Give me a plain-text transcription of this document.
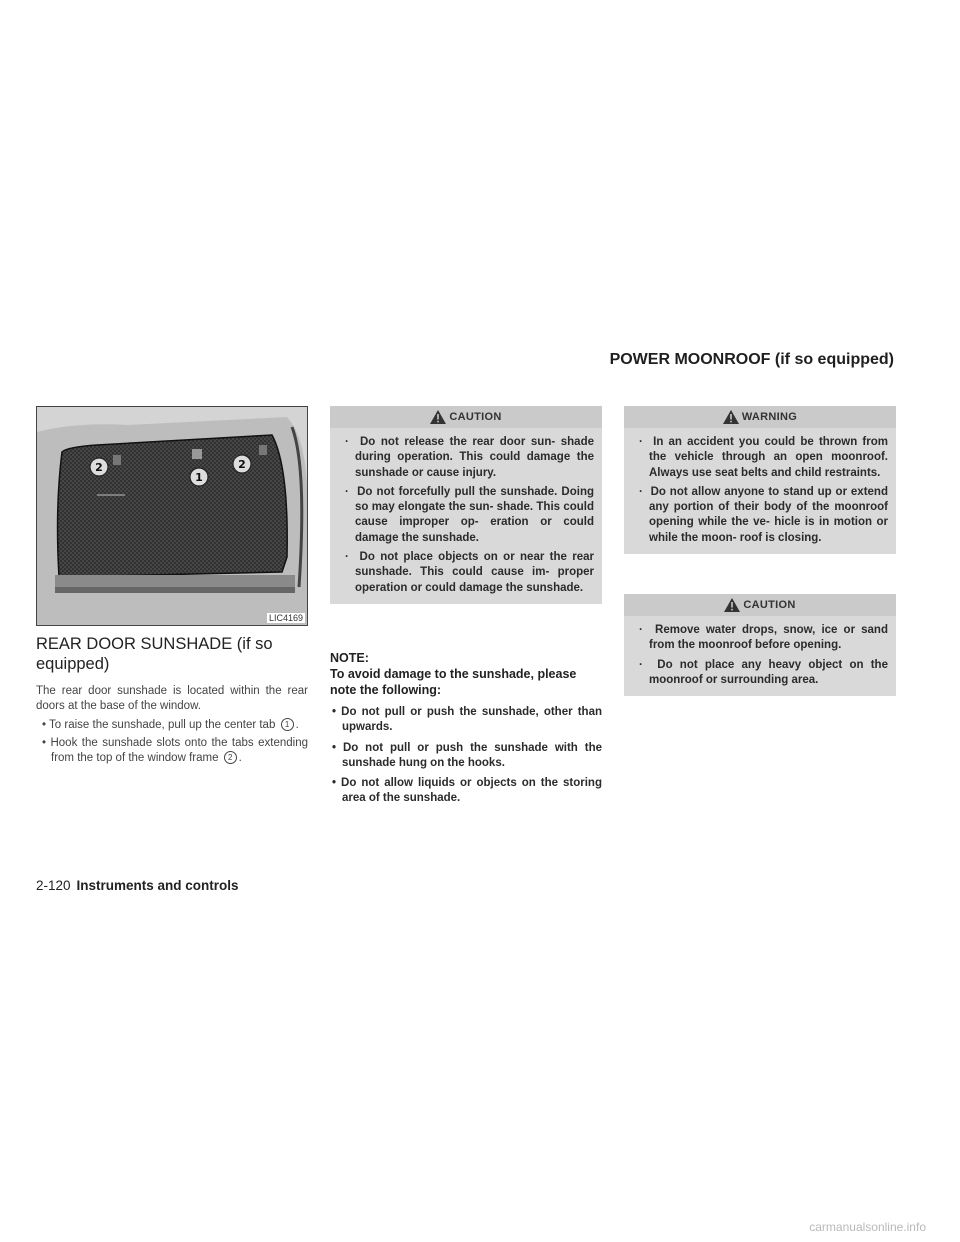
POWER MOONROOF (if so equipped)
2
1
2
LIC4169
REAR DOOR SUNSHADE (if so
equipped)

The rear door sunshade is located within the rear doors at the base of the window.

• To raise the sunshade, pull up the center tab 1 .
• Hook the sunshade slots onto the tabs extending from the top of the window frame 2 .
CAUTION
·  Do not release the rear door sun- shade during operation. This could damage the sunshade or cause injury.
·  Do not forcefully pull the sunshade. Doing so may elongate the sun- shade. This could cause improper op- eration or could damage the sunshade.
·  Do not place objects on or near the rear sunshade. This could cause im- proper operation or could damage the sunshade.

NOTE:
To avoid damage to the sunshade, please note the following:

• Do not pull or push the sunshade, other than upwards.
• Do not pull or push the sunshade with the sunshade hung on the hooks.
• Do not allow liquids or objects on the storing area of the sunshade.
WARNING
·  In an accident you could be thrown from the vehicle through an open moonroof. Always use seat belts and child restraints.
·  Do not allow anyone to stand up or extend any portion of their body of the moonroof opening while the ve- hicle is in motion or while the moon- roof is closing.
CAUTION
·  Remove water drops, snow, ice or sand from the moonroof before opening.
·  Do not place any heavy object on the moonroof or surrounding area.
2-120 Instruments and controls
carmanualsonline.info
